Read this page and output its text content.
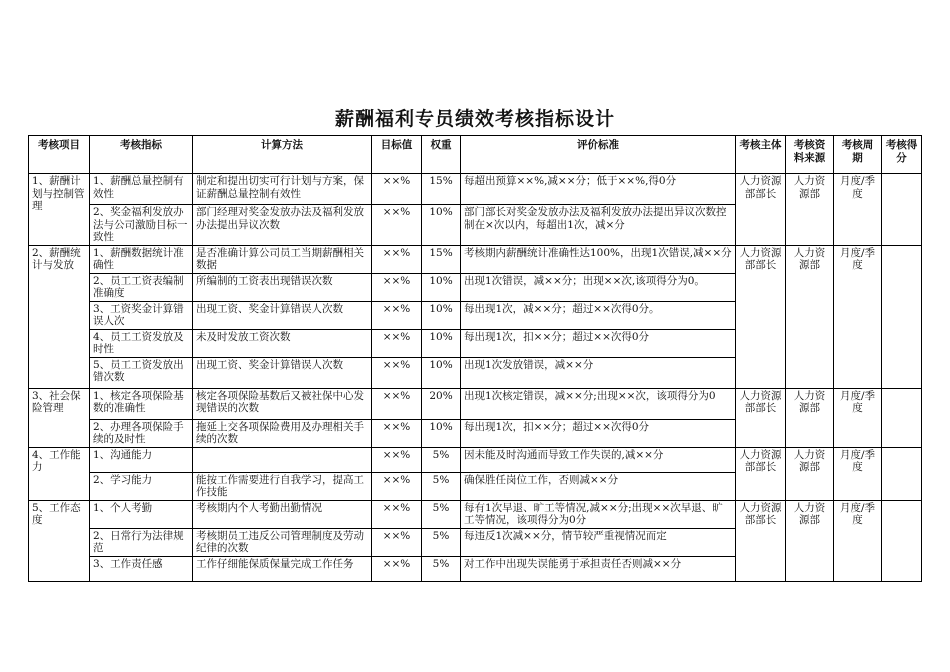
薪酬福利专员绩效考核指标设计
考核项目	考核指标	计算方法	目标值	权重	评价标准	考核主体	考核资料来源	考核周期	考核得分
1、薪酬计划与控制管理	1、薪酬总量控制有效性	制定和提出切实可行计划与方案，保证薪酬总量控制有效性	××%	15%	每超出预算××%,减××分；低于××%,得0分	人力资源部部长	人力资源部	月度/季度	
	2、奖金福利发放办法与公司激励目标一致性	部门经理对奖金发放办法及福利发放办法提出异议次数	××%	10%	部门部长对奖金发放办法及福利发放办法提出异议次数控制在×次以内，每超出1次，减×分				
2、薪酬统计与发放	1、薪酬数据统计准确性	是否准确计算公司员工当期薪酬相关数据	××%	15%	考核期内薪酬统计准确性达100%，出现1次错误,减××分	人力资源部部长	人力资源部	月度/季度	
	2、员工工资表编制准确度	所编制的工资表出现错误次数	××%	10%	出现1次错误，减××分；出现××次,该项得分为0。				
	3、工资奖金计算错误人次	出现工资、奖金计算错误人次数	××%	10%	每出现1次，减××分；超过××次得0分。				
	4、员工工资发放及时性	未及时发放工资次数	××%	10%	每出现1次，扣××分；超过××次得0分				
	5、员工工资发放出错次数	出现工资、奖金计算错误人次数	××%	10%	出现1次发放错误，减××分				
3、社会保险管理	1、核定各项保险基数的准确性	核定各项保险基数后又被社保中心发现错误的次数	××%	20%	出现1次核定错误，减××分;出现××次，该项得分为0	人力资源部部长	人力资源部	月度/季度	
	2、办理各项保险手续的及时性	拖延上交各项保险费用及办理相关手续的次数	××%	10%	每出现1次，扣××分；超过××次得0分				
4、工作能力	1、沟通能力		××%	5%	因未能及时沟通而导致工作失误的,减××分	人力资源部部长	人力资源部	月度/季度	
	2、学习能力	能按工作需要进行自我学习，提高工作技能	××%	5%	确保胜任岗位工作，否则减××分				
5、工作态度	1、个人考勤	考核期内个人考勤出勤情况	××%	5%	每有1次早退、旷工等情况,减××分;出现××次早退、旷工等情况，该项得分为0分	人力资源部部长	人力资源部	月度/季度	
	2、日常行为法律规范	考核期员工违反公司管理制度及劳动纪律的次数	××%	5%	每违反1次减××分，情节较严重视情况而定				
	3、工作责任感	工作仔细能保质保量完成工作任务	××%	5%	对工作中出现失误能勇于承担责任否则减××分				
